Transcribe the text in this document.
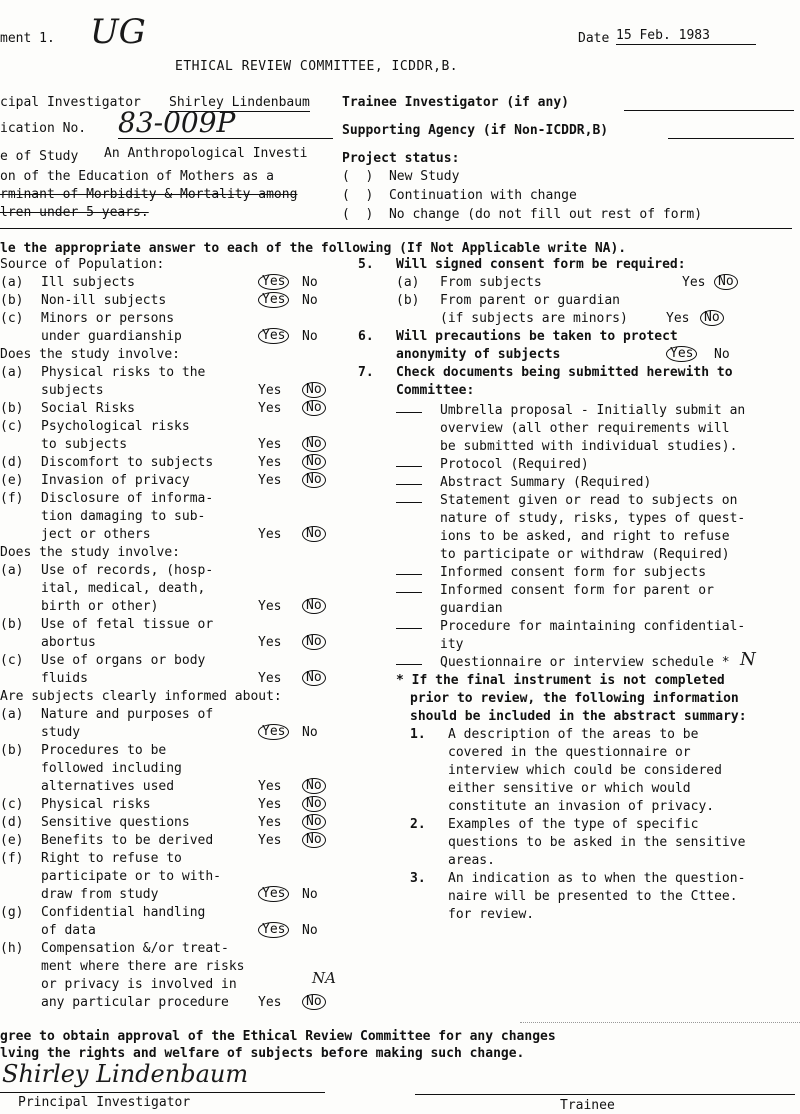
ment 1. UG	Date 15 Feb. 1983
ETHICAL REVIEW COMMITTEE, ICDDR,B.
cipal Investigator Shirley Lindenbaum Trainee Investigator (if any)
ication No. 83-009P	Supporting Agency (if Non-ICDDR,B)
e of Study An Anthropological Investi
on of the Education of Mothers as a
rminant of Morbidity & Mortality among
lren under 5 years.
Project status:
(  )  New Study
(  )  Continuation with change
(  )  No change (do not fill out rest of form)
le the appropriate answer to each of the following (If Not Applicable write NA).
Source of Population:
(a) Ill subjects	Yes	No
(b) Non-ill subjects	Yes	No
(c) Minors or persons
under guardianship	Yes	No
Does the study involve:
(a) Physical risks to the
subjects	Yes	No
(b) Social Risks	Yes	No
(c) Psychological risks
to subjects	Yes	No
(d) Discomfort to subjects	Yes	No
(e) Invasion of privacy	Yes	No
(f) Disclosure of informa-
tion damaging to sub-
ject or others	Yes	No
Does the study involve:
(a) Use of records, (hosp-
ital, medical, death,
birth or other)	Yes	No
(b) Use of fetal tissue or
abortus	Yes	No
(c) Use of organs or body
fluids	Yes	No
Are subjects clearly informed about:
(a) Nature and purposes of
study	Yes	No
(b) Procedures to be
followed including
alternatives used	Yes	No
(c) Physical risks	Yes	No
(d) Sensitive questions	Yes	No
(e) Benefits to be derived	Yes	No
(f) Right to refuse to
participate or to with-
draw from study	Yes	No
(g) Confidential handling
of data	Yes	No
(h) Compensation &/or treat-
ment where there are risks
or privacy is involved in
any particular procedure Yes	No
NA
5. Will signed consent form be required:
(a) From subjects	Yes No
(b) From parent or guardian
(if subjects are minors)	Yes	No
6. Will precautions be taken to protect
anonymity of subjects	Yes	No
7. Check documents being submitted herewith to
Committee:
Umbrella proposal - Initially submit an
overview (all other requirements will
be submitted with individual studies).
Protocol (Required)
Abstract Summary (Required)
Statement given or read to subjects on
nature of study, risks, types of quest-
ions to be asked, and right to refuse
to participate or withdraw (Required)
Informed consent form for subjects
Informed consent form for parent or
guardian
Procedure for maintaining confidential-
ity
Questionnaire or interview schedule * N
* If the final instrument is not completed
prior to review, the following information
should be included in the abstract summary:
1. A description of the areas to be
covered in the questionnaire or
interview which could be considered
either sensitive or which would
constitute an invasion of privacy.
2. Examples of the type of specific
questions to be asked in the sensitive
areas.
3. An indication as to when the question-
naire will be presented to the Cttee.
for review.
gree to obtain approval of the Ethical Review Committee for any changes
lving the rights and welfare of subjects before making such change.
Shirley Lindenbaum
Principal Investigator	Trainee
